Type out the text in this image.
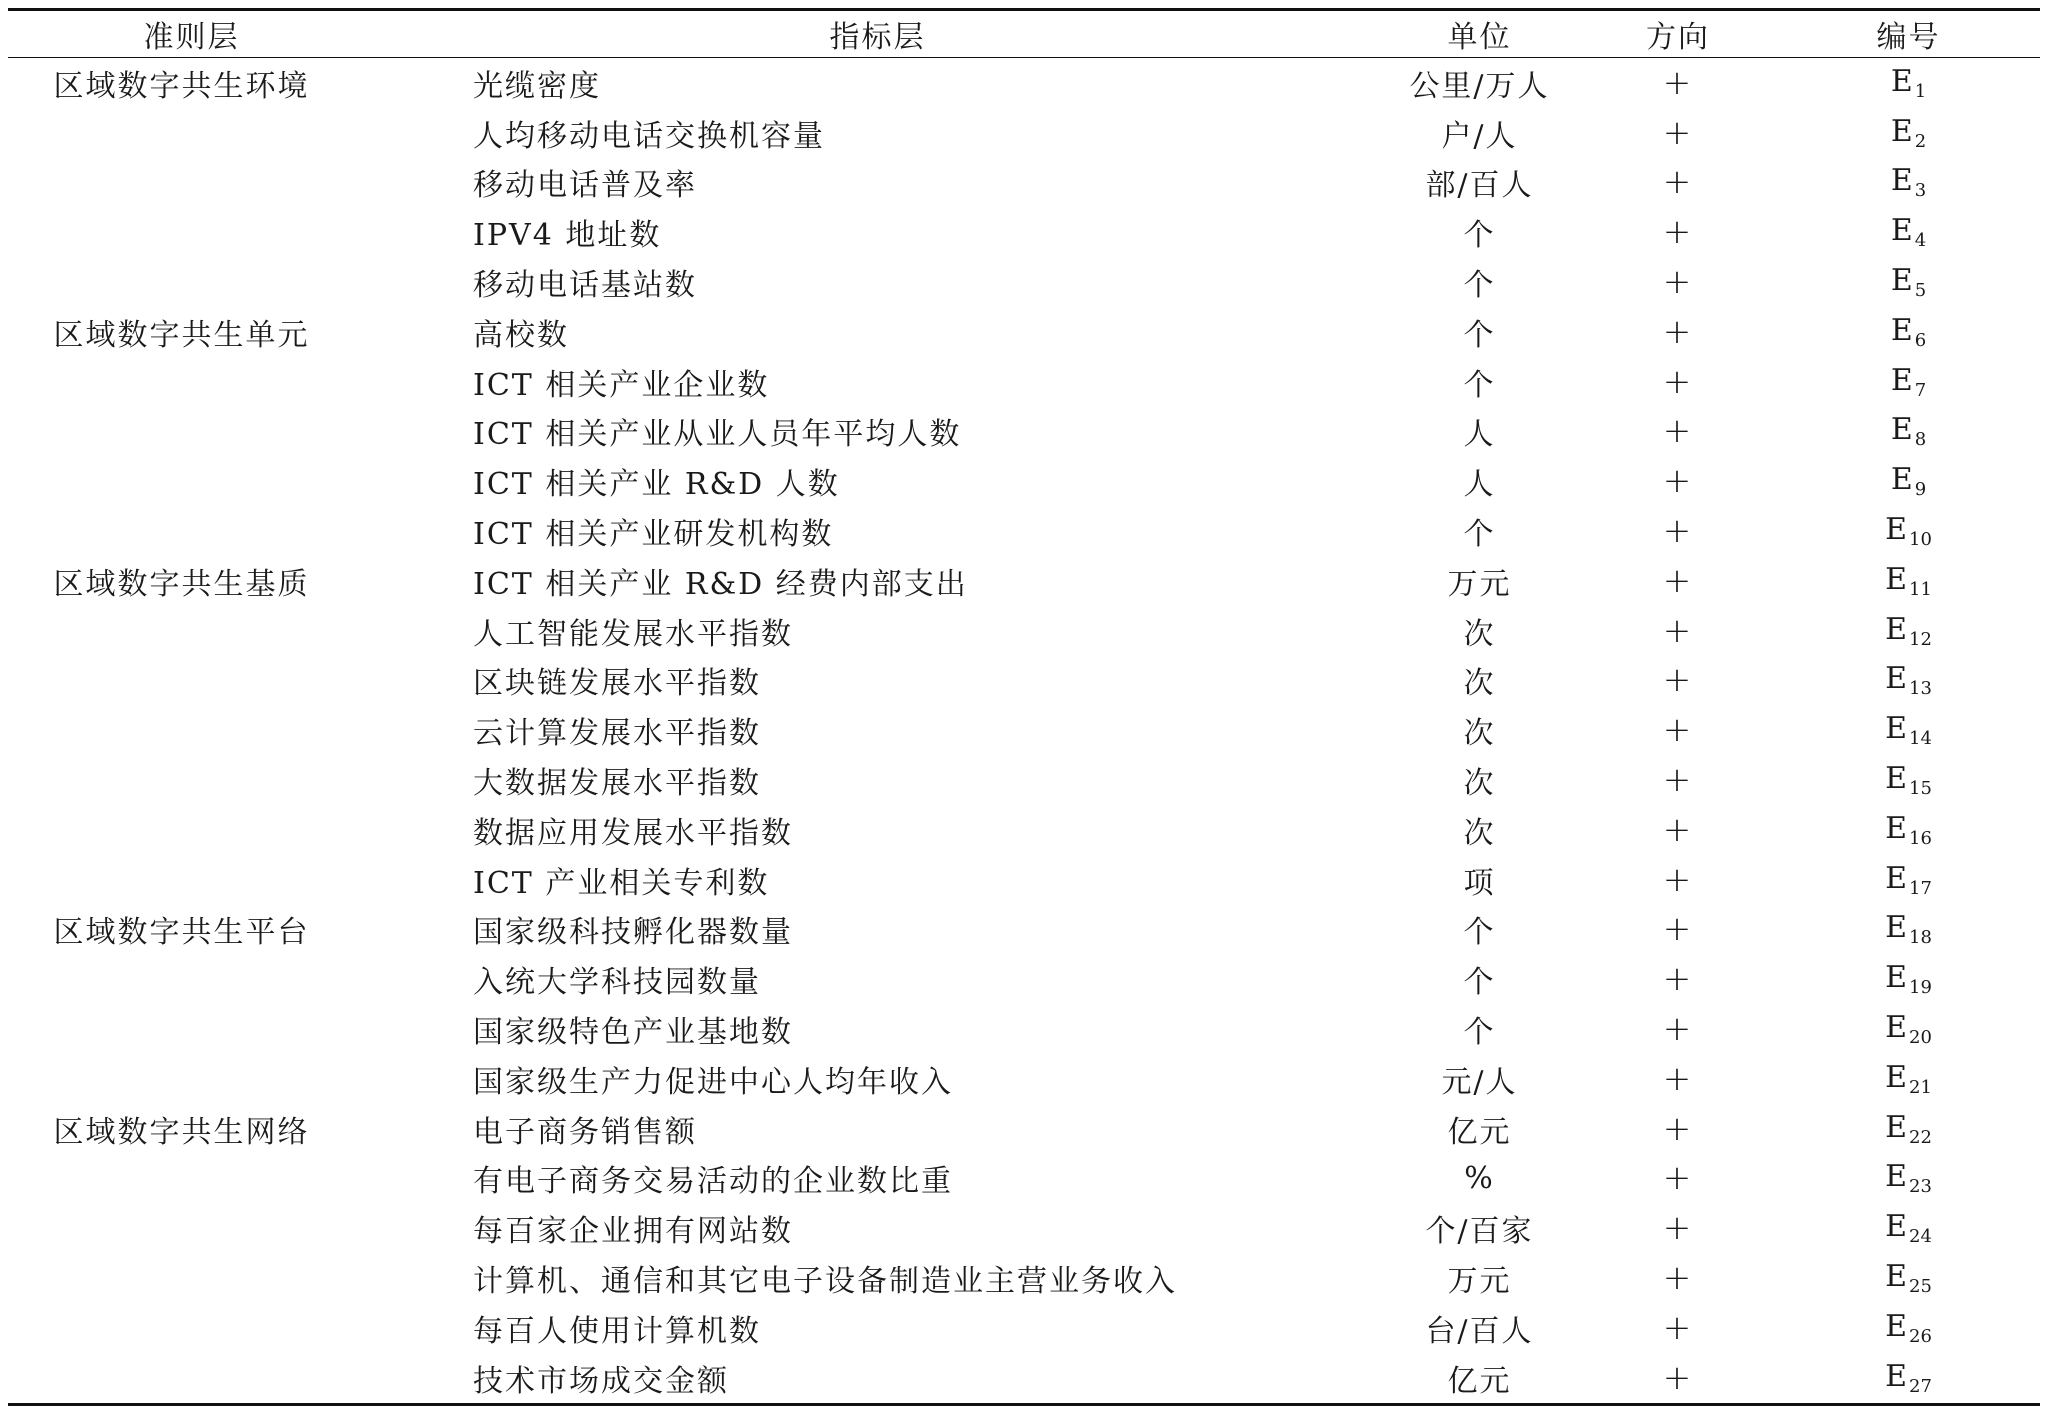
准则层	指标层	单位	方向	编号
区域数字共生环境	光缆密度	公里/万人	+	$E_1$
	人均移动电话交换机容量	户/人	+	$E_2$
	移动电话普及率	部/百人	+	$E_3$
	IPV4 地址数	个	+	$E_4$
	移动电话基站数	个	+	$E_5$
区域数字共生单元	高校数	个	+	$E_6$
	ICT 相关产业企业数	个	+	$E_7$
	ICT 相关产业从业人员年平均人数	人	+	$E_8$
	ICT 相关产业 R&D 人数	人	+	$E_9$
	ICT 相关产业研发机构数	个	+	$E_{10}$
区域数字共生基质	ICT 相关产业 R&D 经费内部支出	万元	+	$E_{11}$
	人工智能发展水平指数	次	+	$E_{12}$
	区块链发展水平指数	次	+	$E_{13}$
	云计算发展水平指数	次	+	$E_{14}$
	大数据发展水平指数	次	+	$E_{15}$
	数据应用发展水平指数	次	+	$E_{16}$
	ICT 产业相关专利数	项	+	$E_{17}$
区域数字共生平台	国家级科技孵化器数量	个	+	$E_{18}$
	入统大学科技园数量	个	+	$E_{19}$
	国家级特色产业基地数	个	+	$E_{20}$
	国家级生产力促进中心人均年收入	元/人	+	$E_{21}$
区域数字共生网络	电子商务销售额	亿元	+	$E_{22}$
	有电子商务交易活动的企业数比重	%	+	$E_{23}$
	每百家企业拥有网站数	个/百家	+	$E_{24}$
	计算机、通信和其它电子设备制造业主营业务收入	万元	+	$E_{25}$
	每百人使用计算机数	台/百人	+	$E_{26}$
	技术市场成交金额	亿元	+	$E_{27}$
